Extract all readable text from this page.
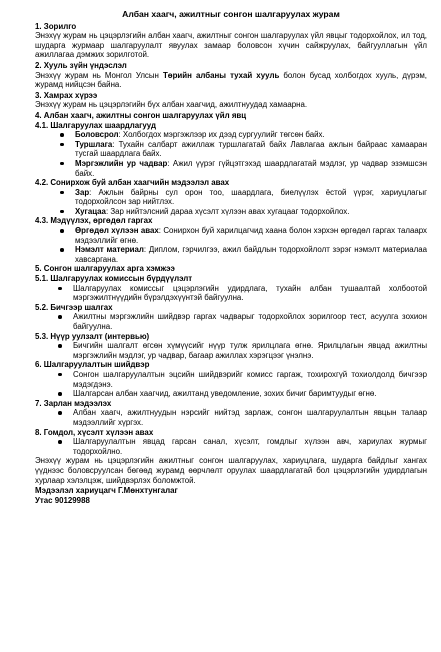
Албан хаагч, ажилтныг сонгон шалгаруулах журам

1. Зорилго

Энэхүү журам нь цэцэрлэгийн албан хаагч, ажилтныг сонгон шалгаруулах үйл явцыг тодорхойлох, ил тод, шударга журмаар шалгаруулалт явуулах замаар боловсон хүчин сайжруулах, байгууллагын үйл ажиллагаа дэмжих зорилготой.

2. Хууль зүйн үндэслэл

Энэхүү журам нь Монгол Улсын Төрийн албаны тухай хууль болон бусад холбогдох хууль, дүрэм, журамд нийцсэн байна.

3. Хамрах хүрээ

Энэхүү журам нь цэцэрлэгийн бүх албан хаагчид, ажилтнуудад хамаарна.

4. Албан хаагч, ажилтны сонгон шалгаруулах үйл явц

4.1. Шалгаруулах шаардлагууд

Боловсрол: Холбогдох мэргэжлээр их дээд сургуулийг төгсөн байх.
Туршлага: Тухайн салбарт ажиллаж туршлагатай байх Лавлагаа ажлын байраас хамааран тусгай шаардлага байх.
Мэргэжлийн ур чадвар: Ажил үүрэг гүйцэтгэхэд шаардлагатай мэдлэг, ур чадвар эзэмшсэн байх.

4.2. Сонирхож буй албан хаагчийн мэдээлэл авах

Зар: Ажлын байрны сул орон тоо, шаардлага, биелүүлэх ёстой үүрэг, хариуцлагыг тодорхойлсон зар нийтлэх.
Хугацаа: Зар нийтэлсний дараа хүсэлт хүлээн авах хугацааг тодорхойлох.

4.3. Мэдүүлэх, өргөдөл гаргах

Өргөдөл хүлээн авах: Сонирхон буй харилцагчид хаана болон хэрхэн өргөдөл гаргах талаарх мэдээллийг өгнө.
Нэмэлт материал: Диплом, гэрчилгээ, ажил байдлын тодорхойлолт зэрэг нэмэлт материалаа хавсаргана.

5. Сонгон шалгаруулах арга хэмжээ

5.1. Шалгаруулах комиссын бүрдүүлэлт

Шалгаруулах комиссыг цэцэрлэгийн удирдлага, тухайн албан тушаалтай холбоотой мэргэжилтнүүдийн бүрэлдэхүүнтэй байгуулна.

5.2. Бичгээр шалгах

Ажилтны мэргэжлийн шийдвэр гаргах чадварыг тодорхойлох зорилгоор тест, асуулга зохион байгуулна.

5.3. Нүүр уулзалт (интервью)

Бичгийн шалгалт өгсөн хүмүүсийг нүүр тулж ярилцлага өгнө. Ярилцлагын явцад ажилтны мэргэжлийн мэдлэг, ур чадвар, багаар ажиллах хэрэгцээг үнэлнэ.

6. Шалгаруулалтын шийдвэр

Сонгон шалгаруулалтын эцсийн шийдвэрийг комисс гаргаж, тохирохгүй тохиолдолд бичгээр мэдэгдэнэ.
Шалгарсан албан хаагчид, ажилтанд уведомление, зохих бичиг баримтуудыг өгнө.

7. Зарлан мэдээлэх

Албан хаагч, ажилтнуудын нэрсийг нийтэд зарлаж, сонгон шалгаруулалтын явцын талаар мэдээллийг хүргэх.

8. Гомдол, хүсэлт хүлээн авах

Шалгаруулалтын явцад гарсан санал, хүсэлт, гомдлыг хүлээн авч, хариулах журмыг тодорхойлно.

Энэхүү журам нь цэцэрлэгийн ажилтныг сонгон шалгаруулах, хариуцлага, шударга байдлыг хангах үүднээс боловсруулсан бөгөөд журамд өөрчлөлт оруулах шаардлагатай бол цэцэрлэгийн удирдлагын хурлаар хэлэлцэж, шийдвэрлэх боломжтой.

Мэдээлэл хариуцагч Г.Мөнхтунгалаг

Утас 90129988
